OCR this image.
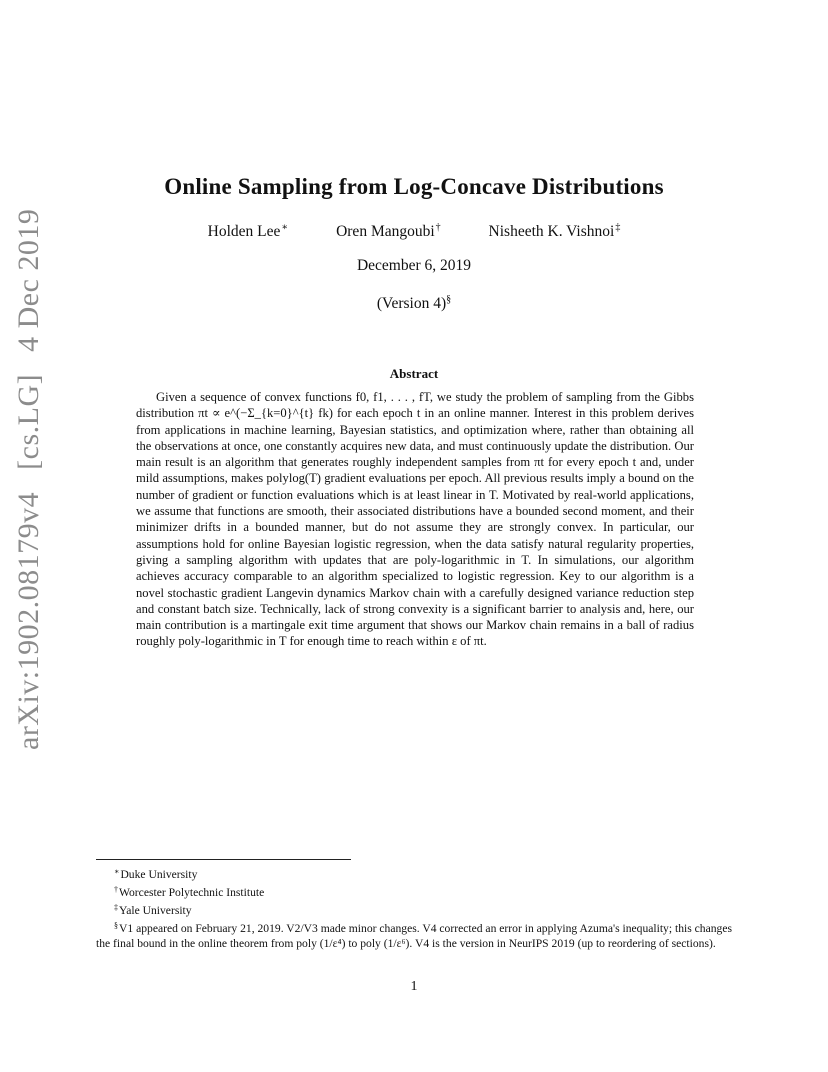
arXiv:1902.08179v4 [cs.LG] 4 Dec 2019
Online Sampling from Log-Concave Distributions
Holden Lee∗	Oren Mangoubi†	Nisheeth K. Vishnoi‡
December 6, 2019
(Version 4)§
Abstract
Given a sequence of convex functions f0, f1, . . . , fT, we study the problem of sampling from the Gibbs distribution πt ∝ e^(−Σ_{k=0}^{t} fk) for each epoch t in an online manner. Interest in this problem derives from applications in machine learning, Bayesian statistics, and optimization where, rather than obtaining all the observations at once, one constantly acquires new data, and must continuously update the distribution. Our main result is an algorithm that generates roughly independent samples from πt for every epoch t and, under mild assumptions, makes polylog(T) gradient evaluations per epoch. All previous results imply a bound on the number of gradient or function evaluations which is at least linear in T. Motivated by real-world applications, we assume that functions are smooth, their associated distributions have a bounded second moment, and their minimizer drifts in a bounded manner, but do not assume they are strongly convex. In particular, our assumptions hold for online Bayesian logistic regression, when the data satisfy natural regularity properties, giving a sampling algorithm with updates that are poly-logarithmic in T. In simulations, our algorithm achieves accuracy comparable to an algorithm specialized to logistic regression. Key to our algorithm is a novel stochastic gradient Langevin dynamics Markov chain with a carefully designed variance reduction step and constant batch size. Technically, lack of strong convexity is a significant barrier to analysis and, here, our main contribution is a martingale exit time argument that shows our Markov chain remains in a ball of radius roughly poly-logarithmic in T for enough time to reach within ε of πt.
∗Duke University
†Worcester Polytechnic Institute
‡Yale University
§V1 appeared on February 21, 2019. V2/V3 made minor changes. V4 corrected an error in applying Azuma's inequality; this changes the final bound in the online theorem from poly (1/ε⁴) to poly (1/ε⁶). V4 is the version in NeurIPS 2019 (up to reordering of sections).
1
